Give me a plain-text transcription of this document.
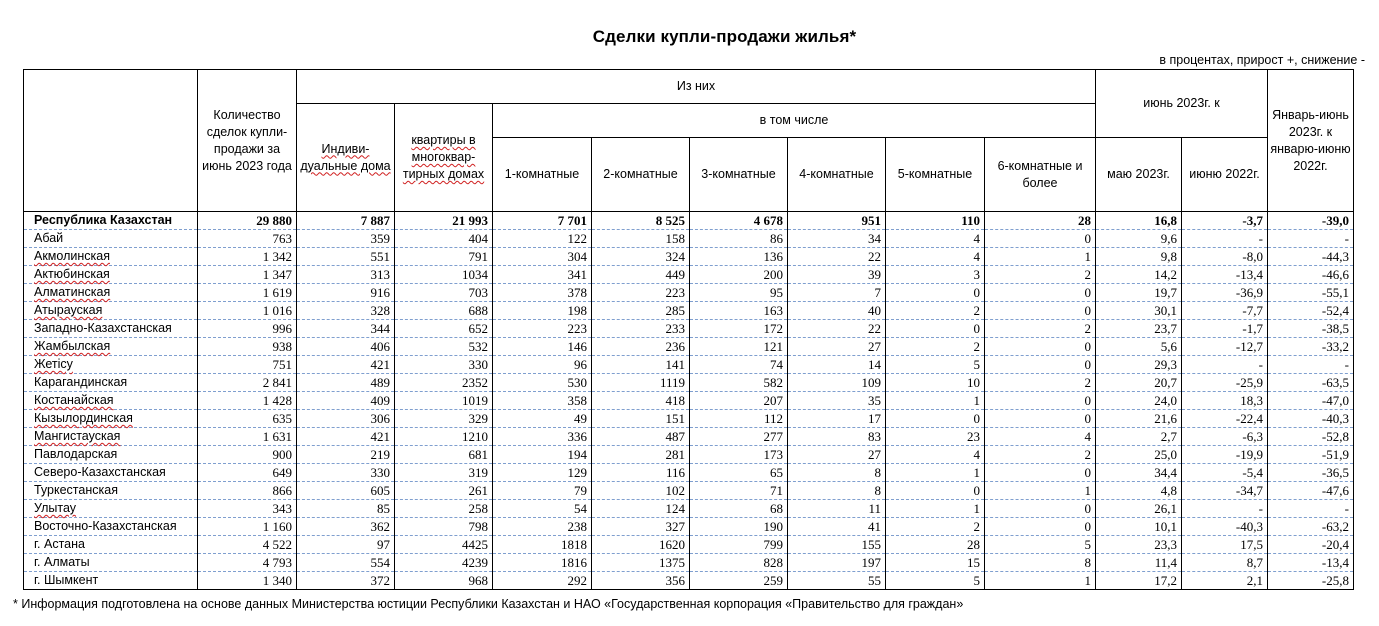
Сделки купли-продажи жилья*
в процентах, прирост +, снижение -
	Количество сделок купли-продажи за июнь 2023 года	Из них								июнь 2023г. к		Январь-июнь 2023г. к январю-июню 2022г.
		Индиви-дуальные дома	квартиры в многоквар-тирных домах	в том числе								
				1-комнатные	2-комнатные	3-комнатные	4-комнатные	5-комнатные	6-комнатные и более	маю 2023г.	июню 2022г.	
Республика Казахстан	29 880	7 887	21 993	7 701	8 525	4 678	951	110	28	16,8	-3,7	-39,0
Абай	763	359	404	122	158	86	34	4	0	9,6	-	-
Акмолинская	1 342	551	791	304	324	136	22	4	1	9,8	-8,0	-44,3
Актюбинская	1 347	313	1034	341	449	200	39	3	2	14,2	-13,4	-46,6
Алматинская	1 619	916	703	378	223	95	7	0	0	19,7	-36,9	-55,1
Атырауская	1 016	328	688	198	285	163	40	2	0	30,1	-7,7	-52,4
Западно-Казахстанская	996	344	652	223	233	172	22	0	2	23,7	-1,7	-38,5
Жамбылская	938	406	532	146	236	121	27	2	0	5,6	-12,7	-33,2
Жетісу	751	421	330	96	141	74	14	5	0	29,3	-	-
Карагандинская	2 841	489	2352	530	1119	582	109	10	2	20,7	-25,9	-63,5
Костанайская	1 428	409	1019	358	418	207	35	1	0	24,0	18,3	-47,0
Кызылординская	635	306	329	49	151	112	17	0	0	21,6	-22,4	-40,3
Мангистауская	1 631	421	1210	336	487	277	83	23	4	2,7	-6,3	-52,8
Павлодарская	900	219	681	194	281	173	27	4	2	25,0	-19,9	-51,9
Северо-Казахстанская	649	330	319	129	116	65	8	1	0	34,4	-5,4	-36,5
Туркестанская	866	605	261	79	102	71	8	0	1	4,8	-34,7	-47,6
Улытау	343	85	258	54	124	68	11	1	0	26,1	-	-
Восточно-Казахстанская	1 160	362	798	238	327	190	41	2	0	10,1	-40,3	-63,2
г. Астана	4 522	97	4425	1818	1620	799	155	28	5	23,3	17,5	-20,4
г. Алматы	4 793	554	4239	1816	1375	828	197	15	8	11,4	8,7	-13,4
г. Шымкент	1 340	372	968	292	356	259	55	5	1	17,2	2,1	-25,8
* Информация подготовлена на основе данных Министерства юстиции Республики Казахстан и НАО «Государственная корпорация «Правительство для граждан»
